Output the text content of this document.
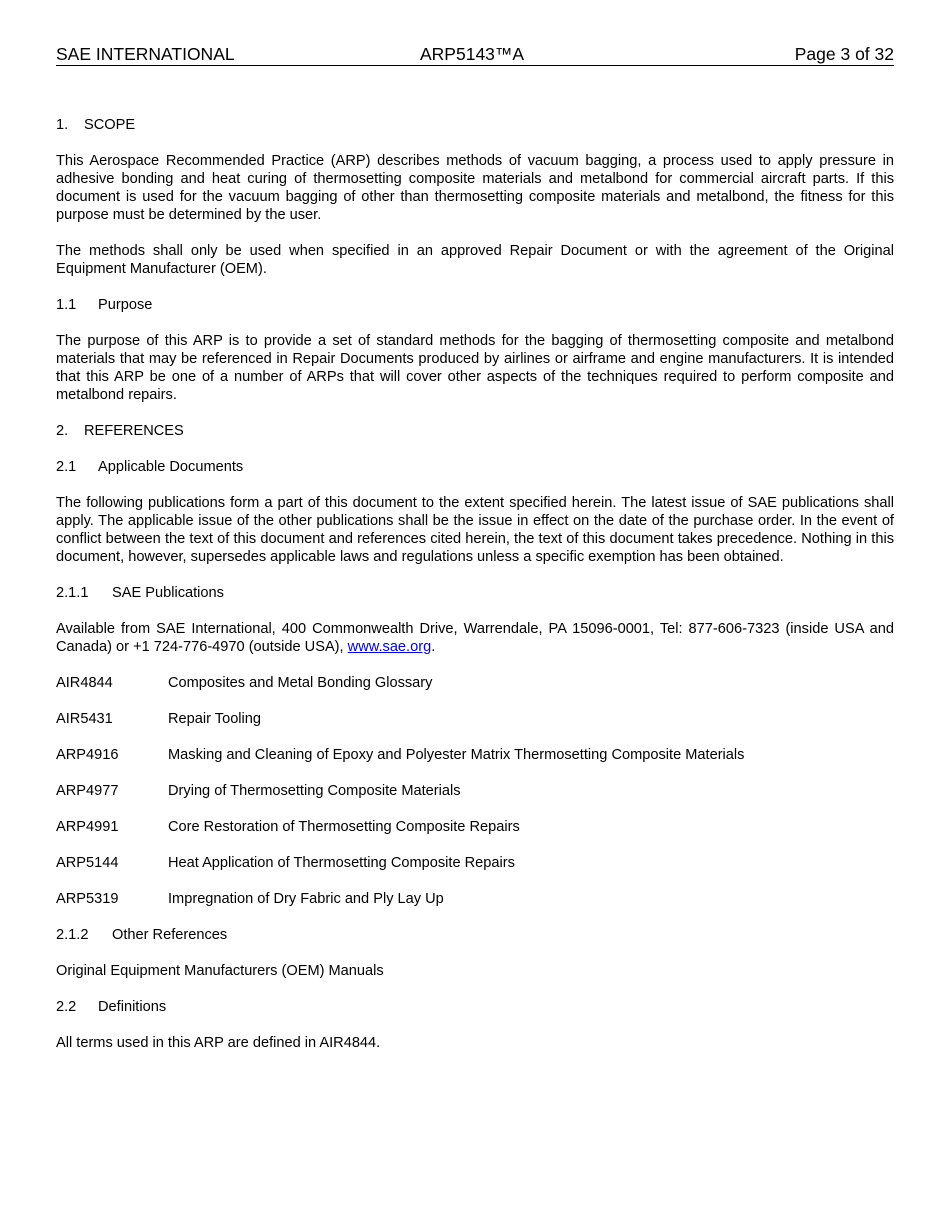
SAE INTERNATIONAL	ARP5143™A	Page 3 of 32
1. SCOPE

This Aerospace Recommended Practice (ARP) describes methods of vacuum bagging, a process used to apply pressure in adhesive bonding and heat curing of thermosetting composite materials and metalbond for commercial aircraft parts. If this document is used for the vacuum bagging of other than thermosetting composite materials and metalbond, the fitness for this purpose must be determined by the user.

The methods shall only be used when specified in an approved Repair Document or with the agreement of the Original Equipment Manufacturer (OEM).

1.1 Purpose

The purpose of this ARP is to provide a set of standard methods for the bagging of thermosetting composite and metalbond materials that may be referenced in Repair Documents produced by airlines or airframe and engine manufacturers. It is intended that this ARP be one of a number of ARPs that will cover other aspects of the techniques required to perform composite and metalbond repairs.

2. REFERENCES
2.1 Applicable Documents

The following publications form a part of this document to the extent specified herein. The latest issue of SAE publications shall apply. The applicable issue of the other publications shall be the issue in effect on the date of the purchase order. In the event of conflict between the text of this document and references cited herein, the text of this document takes precedence. Nothing in this document, however, supersedes applicable laws and regulations unless a specific exemption has been obtained.

2.1.1 SAE Publications

Available from SAE International, 400 Commonwealth Drive, Warrendale, PA 15096-0001, Tel: 877-606-7323 (inside USA and Canada) or +1 724-776-4970 (outside USA), www.sae.org.

AIR4844	Composites and Metal Bonding Glossary
AIR5431	Repair Tooling
ARP4916	Masking and Cleaning of Epoxy and Polyester Matrix Thermosetting Composite Materials
ARP4977	Drying of Thermosetting Composite Materials
ARP4991	Core Restoration of Thermosetting Composite Repairs
ARP5144	Heat Application of Thermosetting Composite Repairs
ARP5319	Impregnation of Dry Fabric and Ply Lay Up
2.1.2 Other References

Original Equipment Manufacturers (OEM) Manuals

2.2 Definitions

All terms used in this ARP are defined in AIR4844.
